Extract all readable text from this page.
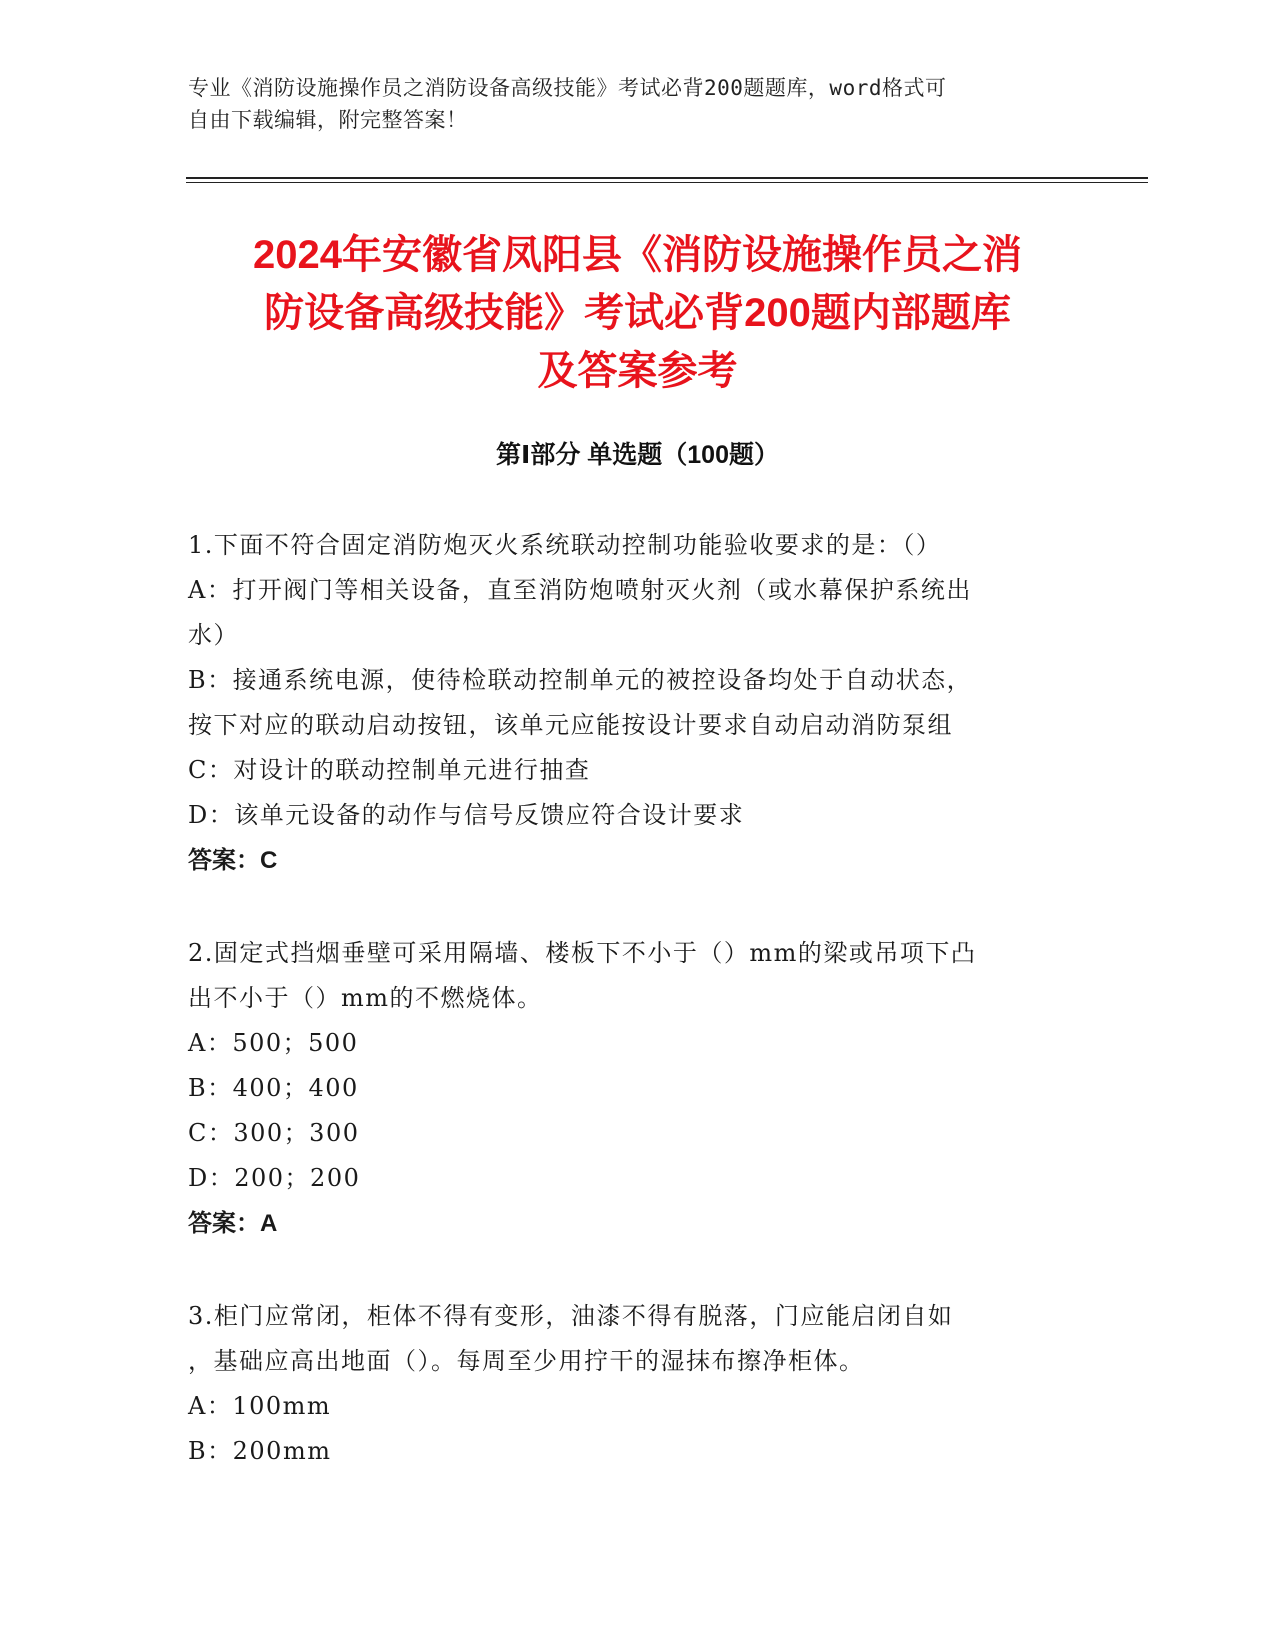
专业《消防设施操作员之消防设备高级技能》考试必背200题题库，word格式可
自由下载编辑，附完整答案！
2024年安徽省凤阳县《消防设施操作员之消
防设备高级技能》考试必背200题内部题库
及答案参考
第Ⅰ部分 单选题（100题）
1.下面不符合固定消防炮灭火系统联动控制功能验收要求的是：（）
A：打开阀门等相关设备，直至消防炮喷射灭火剂（或水幕保护系统出
水）
B：接通系统电源，使待检联动控制单元的被控设备均处于自动状态，
按下对应的联动启动按钮，该单元应能按设计要求自动启动消防泵组
C：对设计的联动控制单元进行抽查
D：该单元设备的动作与信号反馈应符合设计要求
答案：C
2.固定式挡烟垂壁可采用隔墙、楼板下不小于（）mm的梁或吊项下凸
出不小于（）mm的不燃烧体。
A：500；500
B：400；400
C：300；300
D：200；200
答案：A
3.柜门应常闭，柜体不得有变形，油漆不得有脱落，门应能启闭自如
，基础应高出地面（）。每周至少用拧干的湿抹布擦净柜体。
A：100mm
B：200mm
